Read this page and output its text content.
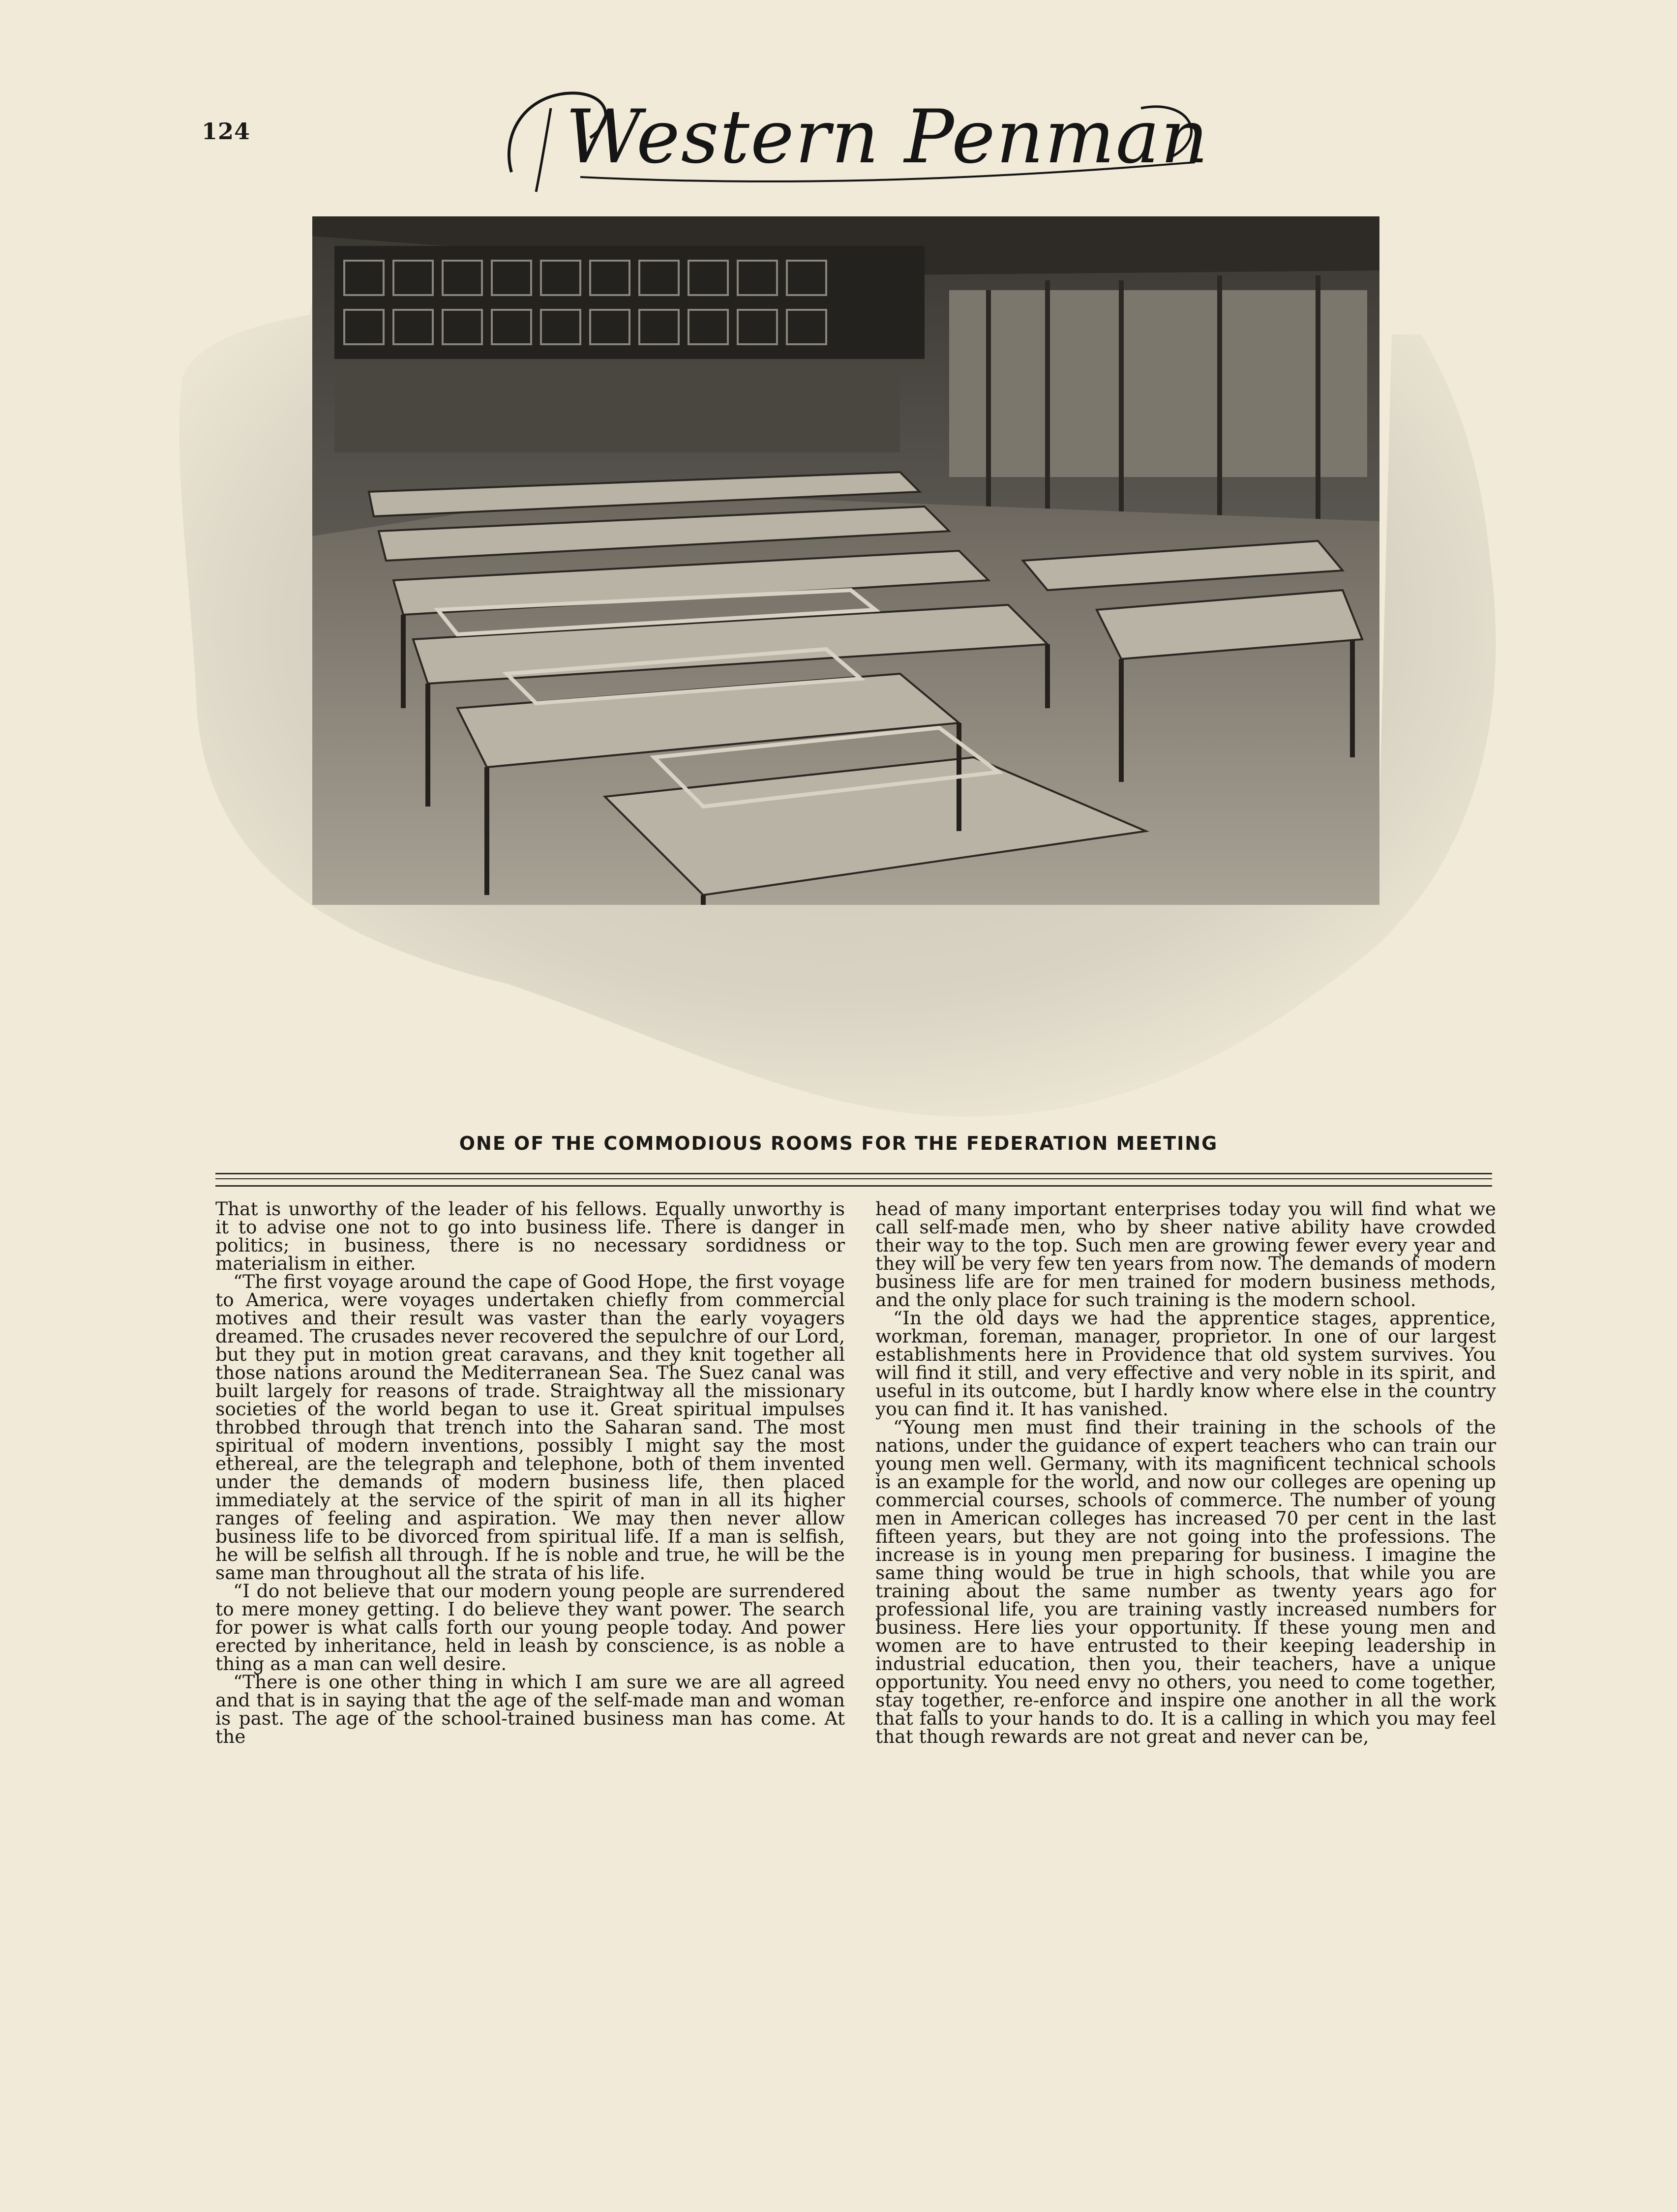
124	Western Penman
ONE OF THE COMMODIOUS ROOMS FOR THE FEDERATION MEETING

That is unworthy of the leader of his fellows. Equally unworthy is it to advise one not to go into business life. There is danger in politics; in business, there is no necessary sordidness or materialism in either.

“The first voyage around the cape of Good Hope, the first voyage to America, were voyages undertaken chiefly from commercial motives and their result was vaster than the early voyagers dreamed. The crusades never recovered the sepulchre of our Lord, but they put in motion great caravans, and they knit together all those nations around the Mediterranean Sea. The Suez canal was built largely for reasons of trade. Straightway all the missionary societies of the world began to use it. Great spiritual impulses throbbed through that trench into the Saharan sand. The most spiritual of modern inventions, possibly I might say the most ethereal, are the telegraph and telephone, both of them invented under the demands of modern business life, then placed immediately at the service of the spirit of man in all its higher ranges of feeling and aspiration. We may then never allow business life to be divorced from spiritual life. If a man is selfish, he will be selfish all through. If he is noble and true, he will be the same man throughout all the strata of his life.

“I do not believe that our modern young people are surrendered to mere money getting. I do believe they want power. The search for power is what calls forth our young people today. And power erected by inheritance, held in leash by conscience, is as noble a thing as a man can well desire.

“There is one other thing in which I am sure we are all agreed and that is in saying that the age of the self-made man and woman is past. The age of the school-trained business man has come. At the

head of many important enterprises today you will find what we call self-made men, who by sheer native ability have crowded their way to the top. Such men are growing fewer every year and they will be very few ten years from now. The demands of modern business life are for men trained for modern business methods, and the only place for such training is the modern school.

“In the old days we had the apprentice stages, apprentice, workman, foreman, manager, proprietor. In one of our largest establishments here in Providence that old system survives. You will find it still, and very effective and very noble in its spirit, and useful in its outcome, but I hardly know where else in the country you can find it. It has vanished.

“Young men must find their training in the schools of the nations, under the guidance of expert teachers who can train our young men well. Germany, with its magnificent technical schools is an example for the world, and now our colleges are opening up commercial courses, schools of commerce. The number of young men in American colleges has increased 70 per cent in the last fifteen years, but they are not going into the professions. The increase is in young men preparing for business. I imagine the same thing would be true in high schools, that while you are training about the same number as twenty years ago for professional life, you are training vastly increased numbers for business. Here lies your opportunity. If these young men and women are to have entrusted to their keeping leadership in industrial education, then you, their teachers, have a unique opportunity. You need envy no others, you need to come together, stay together, re-enforce and inspire one another in all the work that falls to your hands to do. It is a calling in which you may feel that though rewards are not great and never can be,
